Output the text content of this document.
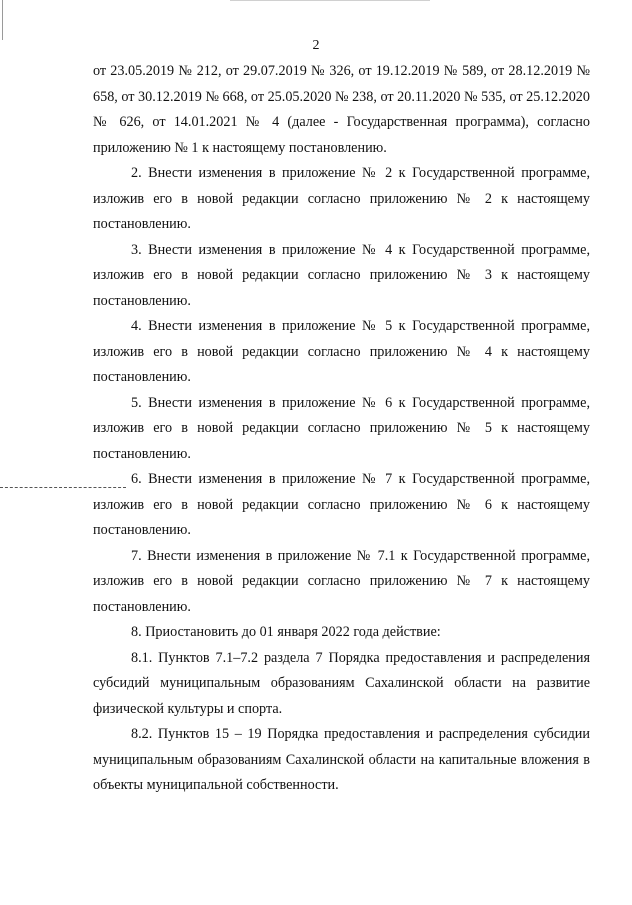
2

от 23.05.2019 № 212, от 29.07.2019 № 326, от 19.12.2019 № 589, от 28.12.2019 № 658, от 30.12.2019 № 668, от 25.05.2020 № 238, от 20.11.2020 № 535, от 25.12.2020 № 626, от 14.01.2021 № 4 (далее - Государственная программа), согласно приложению № 1 к настоящему постановлению.

2. Внести изменения в приложение № 2 к Государственной программе, изложив его в новой редакции согласно приложению № 2 к настоящему постановлению.

3. Внести изменения в приложение № 4 к Государственной программе, изложив его в новой редакции согласно приложению № 3 к настоящему постановлению.

4. Внести изменения в приложение № 5 к Государственной программе, изложив его в новой редакции согласно приложению № 4 к настоящему постановлению.

5. Внести изменения в приложение № 6 к Государственной программе, изложив его в новой редакции согласно приложению № 5 к настоящему постановлению.

6. Внести изменения в приложение № 7 к Государственной программе, изложив его в новой редакции согласно приложению № 6 к настоящему постановлению.

7. Внести изменения в приложение № 7.1 к Государственной программе, изложив его в новой редакции согласно приложению № 7 к настоящему постановлению.

8. Приостановить до 01 января 2022 года действие:

8.1. Пунктов 7.1–7.2 раздела 7 Порядка предоставления и распределения субсидий муниципальным образованиям Сахалинской области на развитие физической культуры и спорта.

8.2. Пунктов 15 – 19 Порядка предоставления и распределения субсидии муниципальным образованиям Сахалинской области на капитальные вложения в объекты муниципальной собственности.
